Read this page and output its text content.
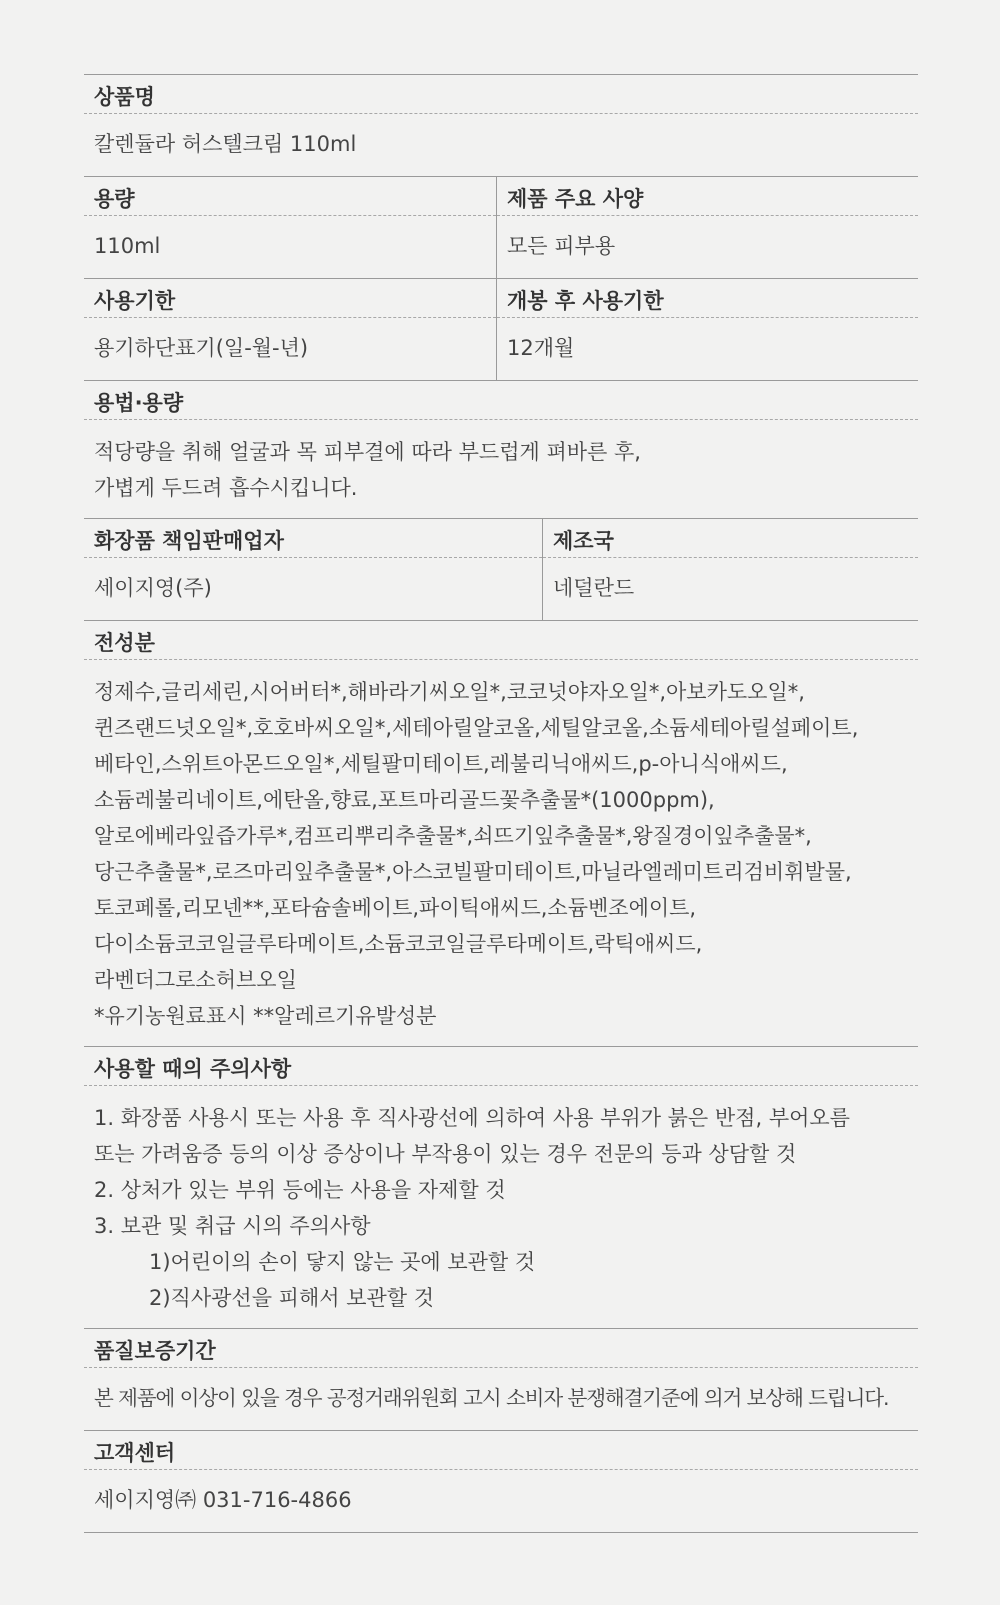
상품명
칼렌듈라 허스텔크림 110ml
용량
110ml
제품 주요 사양
모든 피부용
사용기한
용기하단표기(일-월-년)
개봉 후 사용기한
12개월
용법·용량

적당량을 취해 얼굴과 목 피부결에 따라 부드럽게 펴바른 후,

가볍게 두드려 흡수시킵니다.

화장품 책임판매업자
세이지영(주)
제조국
네덜란드
전성분

정제수,글리세린,시어버터*,해바라기씨오일*,코코넛야자오일*,아보카도오일*,

퀸즈랜드넛오일*,호호바씨오일*,세테아릴알코올,세틸알코올,소듐세테아릴설페이트,

베타인,스위트아몬드오일*,세틸팔미테이트,레불리닉애씨드,p-아니식애씨드,

소듐레불리네이트,에탄올,향료,포트마리골드꽃추출물*(1000ppm),

알로에베라잎즙가루*,컴프리뿌리추출물*,쇠뜨기잎추출물*,왕질경이잎추출물*,

당근추출물*,로즈마리잎추출물*,아스코빌팔미테이트,마닐라엘레미트리검비휘발물,

토코페롤,리모넨**,포타슘솔베이트,파이틱애씨드,소듐벤조에이트,

다이소듐코코일글루타메이트,소듐코코일글루타메이트,락틱애씨드,

라벤더그로소허브오일

*유기농원료표시 **알레르기유발성분

사용할 때의 주의사항

1. 화장품 사용시 또는 사용 후 직사광선에 의하여 사용 부위가 붉은 반점, 부어오름

또는 가려움증 등의 이상 증상이나 부작용이 있는 경우 전문의 등과 상담할 것

2. 상처가 있는 부위 등에는 사용을 자제할 것

3. 보관 및 취급 시의 주의사항

1)어린이의 손이 닿지 않는 곳에 보관할 것

2)직사광선을 피해서 보관할 것

품질보증기간
본 제품에 이상이 있을 경우 공정거래위원회 고시 소비자 분쟁해결기준에 의거 보상해 드립니다.
고객센터
세이지영㈜ 031-716-4866
